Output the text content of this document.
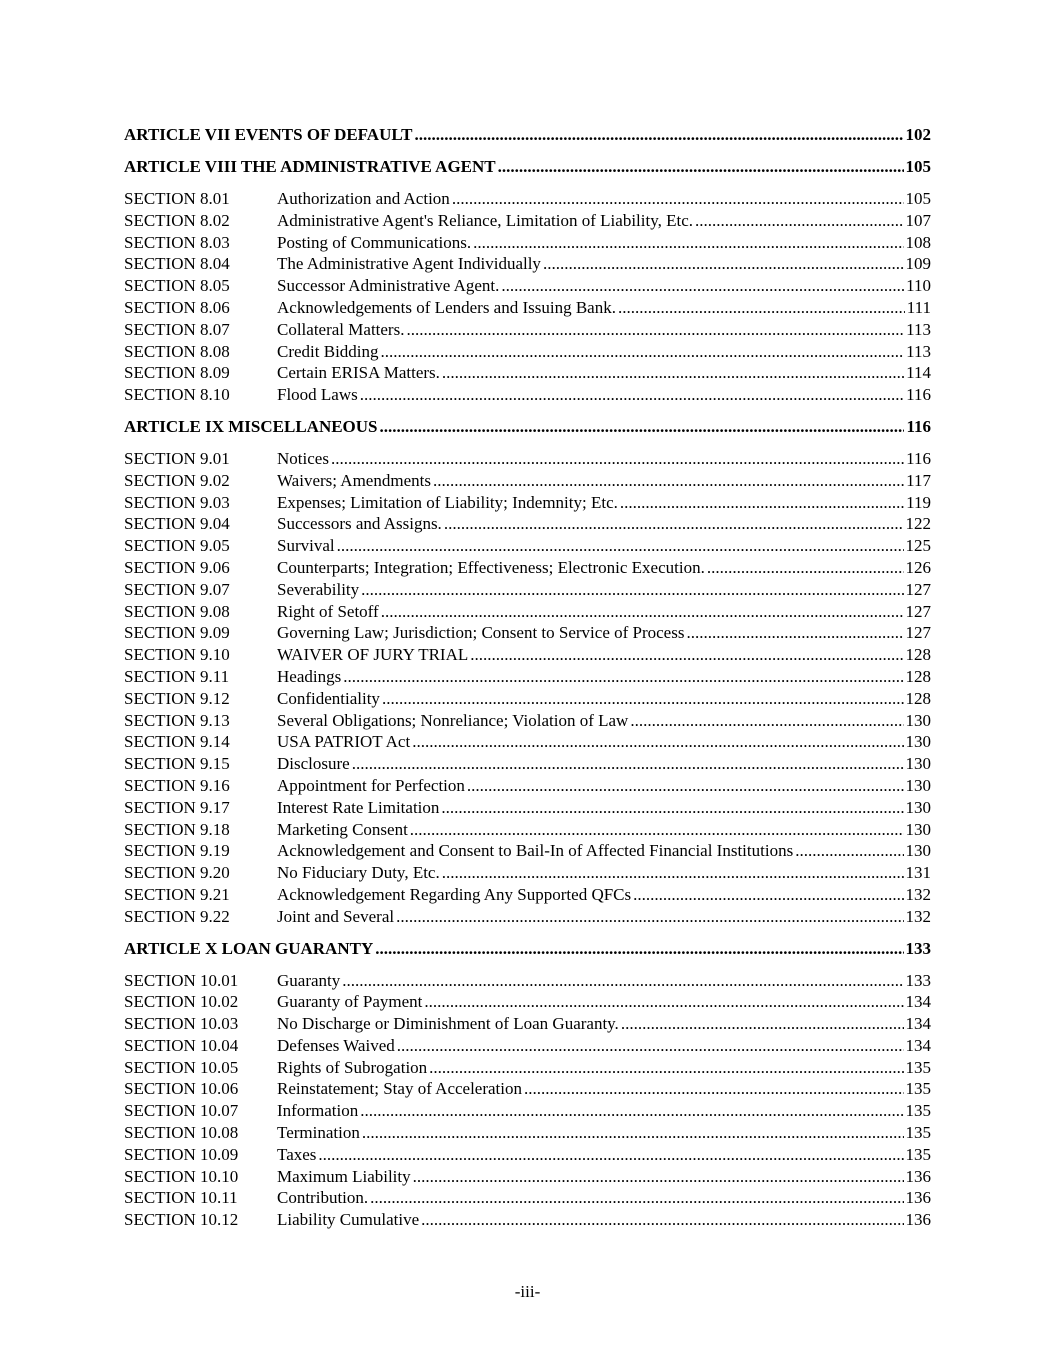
ARTICLE VII EVENTS OF DEFAULT .....	102
ARTICLE VIII THE ADMINISTRATIVE AGENT .....	105
SECTION 8.01	Authorization and Action .....	105
SECTION 8.02	Administrative Agent's Reliance, Limitation of Liability, Etc. .....	107
SECTION 8.03	Posting of Communications. .....	108
SECTION 8.04	The Administrative Agent Individually .....	109
SECTION 8.05	Successor Administrative Agent. .....	110
SECTION 8.06	Acknowledgements of Lenders and Issuing Bank. .....	111
SECTION 8.07	Collateral Matters. .....	113
SECTION 8.08	Credit Bidding .....	113
SECTION 8.09	Certain ERISA Matters. .....	114
SECTION 8.10	Flood Laws .....	116
ARTICLE IX MISCELLANEOUS .....	116
SECTION 9.01	Notices .....	116
SECTION 9.02	Waivers; Amendments .....	117
SECTION 9.03	Expenses; Limitation of Liability; Indemnity; Etc. .....	119
SECTION 9.04	Successors and Assigns. .....	122
SECTION 9.05	Survival .....	125
SECTION 9.06	Counterparts; Integration; Effectiveness; Electronic Execution. .....	126
SECTION 9.07	Severability .....	127
SECTION 9.08	Right of Setoff .....	127
SECTION 9.09	Governing Law; Jurisdiction; Consent to Service of Process .....	127
SECTION 9.10	WAIVER OF JURY TRIAL .....	128
SECTION 9.11	Headings .....	128
SECTION 9.12	Confidentiality .....	128
SECTION 9.13	Several Obligations; Nonreliance; Violation of Law .....	130
SECTION 9.14	USA PATRIOT Act .....	130
SECTION 9.15	Disclosure .....	130
SECTION 9.16	Appointment for Perfection .....	130
SECTION 9.17	Interest Rate Limitation .....	130
SECTION 9.18	Marketing Consent .....	130
SECTION 9.19	Acknowledgement and Consent to Bail-In of Affected Financial Institutions .....	130
SECTION 9.20	No Fiduciary Duty, Etc. .....	131
SECTION 9.21	Acknowledgement Regarding Any Supported QFCs .....	132
SECTION 9.22	Joint and Several .....	132
ARTICLE X LOAN GUARANTY .....	133
SECTION 10.01	Guaranty .....	133
SECTION 10.02	Guaranty of Payment .....	134
SECTION 10.03	No Discharge or Diminishment of Loan Guaranty. .....	134
SECTION 10.04	Defenses Waived .....	134
SECTION 10.05	Rights of Subrogation .....	135
SECTION 10.06	Reinstatement; Stay of Acceleration .....	135
SECTION 10.07	Information .....	135
SECTION 10.08	Termination .....	135
SECTION 10.09	Taxes .....	135
SECTION 10.10	Maximum Liability .....	136
SECTION 10.11	Contribution. .....	136
SECTION 10.12	Liability Cumulative .....	136
-iii-
